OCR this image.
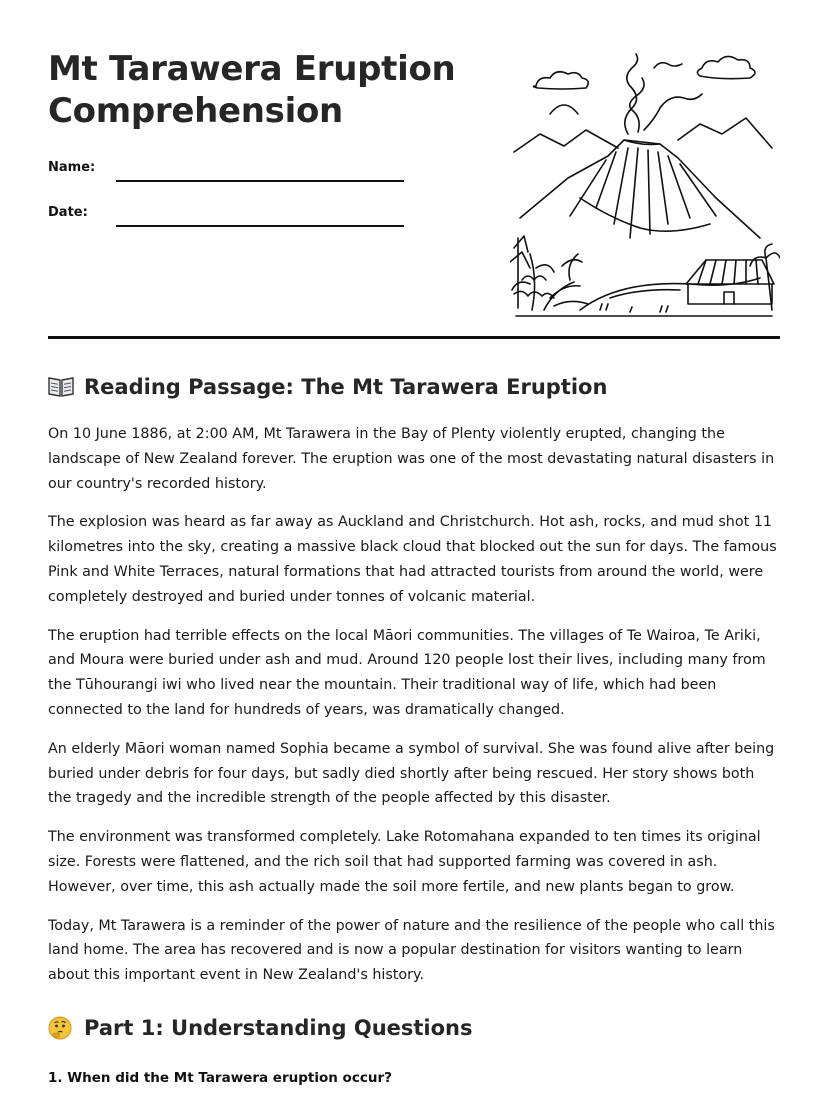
Mt Tarawera Eruption Comprehension
Name:
Date:
Reading Passage: The Mt Tarawera Eruption

On 10 June 1886, at 2:00 AM, Mt Tarawera in the Bay of Plenty violently erupted, changing the landscape of New Zealand forever. The eruption was one of the most devastating natural disasters in our country's recorded history.

The explosion was heard as far away as Auckland and Christchurch. Hot ash, rocks, and mud shot 11 kilometres into the sky, creating a massive black cloud that blocked out the sun for days. The famous Pink and White Terraces, natural formations that had attracted tourists from around the world, were completely destroyed and buried under tonnes of volcanic material.

The eruption had terrible effects on the local Māori communities. The villages of Te Wairoa, Te Ariki, and Moura were buried under ash and mud. Around 120 people lost their lives, including many from the Tūhourangi iwi who lived near the mountain. Their traditional way of life, which had been connected to the land for hundreds of years, was dramatically changed.

An elderly Māori woman named Sophia became a symbol of survival. She was found alive after being buried under debris for four days, but sadly died shortly after being rescued. Her story shows both the tragedy and the incredible strength of the people affected by this disaster.

The environment was transformed completely. Lake Rotomahana expanded to ten times its original size. Forests were flattened, and the rich soil that had supported farming was covered in ash. However, over time, this ash actually made the soil more fertile, and new plants began to grow.

Today, Mt Tarawera is a reminder of the power of nature and the resilience of the people who call this land home. The area has recovered and is now a popular destination for visitors wanting to learn about this important event in New Zealand's history.

Part 1: Understanding Questions

1. When did the Mt Tarawera eruption occur?
